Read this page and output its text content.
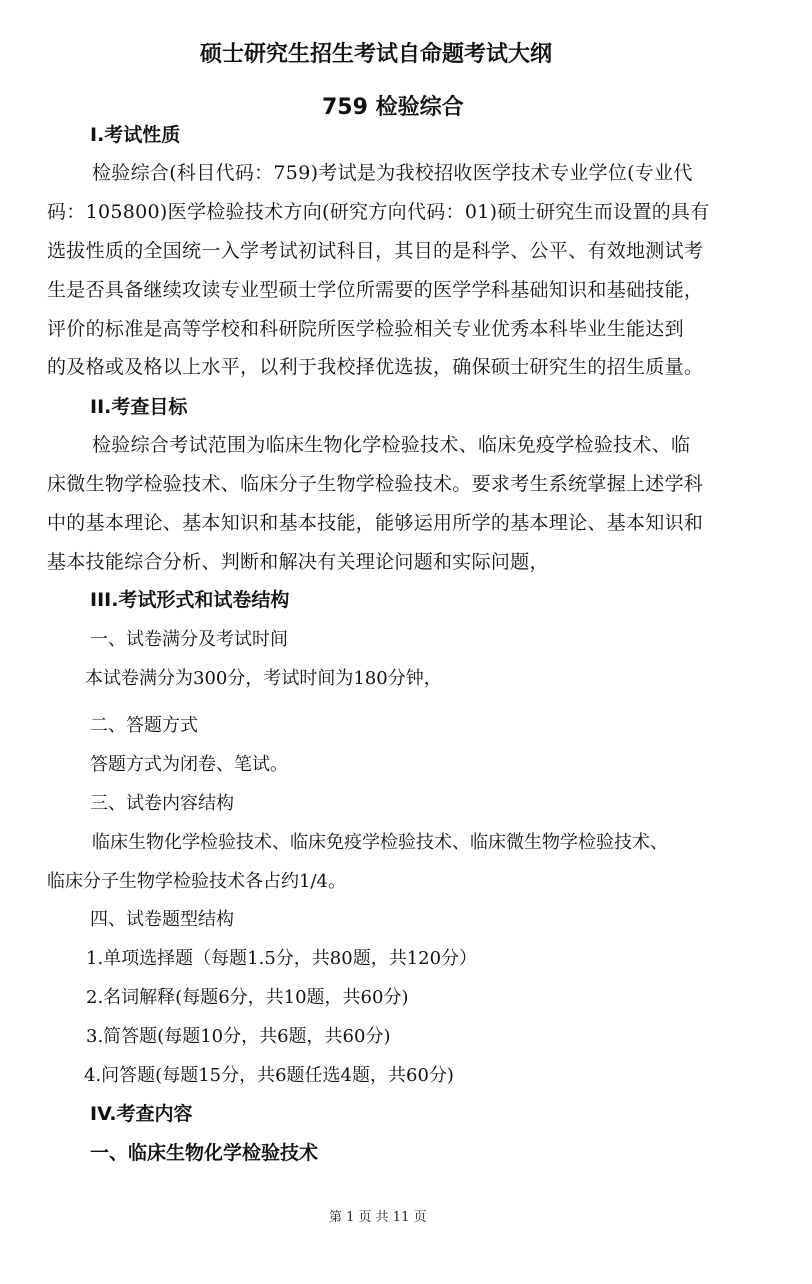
硕士研究生招生考试自命题考试大纲
759 检验综合
I.考试性质

检验综合(科目代码：759)考试是为我校招收医学技术专业学位(专业代

码：105800)医学检验技术方向(研究方向代码：01)硕士研究生而设置的具有

选拔性质的全国统一入学考试初试科目，其目的是科学、公平、有效地测试考

生是否具备继续攻读专业型硕士学位所需要的医学学科基础知识和基础技能，

评价的标准是高等学校和科研院所医学检验相关专业优秀本科毕业生能达到

的及格或及格以上水平，以利于我校择优选拔，确保硕士研究生的招生质量。

II.考查目标

检验综合考试范围为临床生物化学检验技术、临床免疫学检验技术、临

床微生物学检验技术、临床分子生物学检验技术。要求考生系统掌握上述学科

中的基本理论、基本知识和基本技能，能够运用所学的基本理论、基本知识和

基本技能综合分析、判断和解决有关理论问题和实际问题，

III.考试形式和试卷结构

一、试卷满分及考试时间

本试卷满分为300分，考试时间为180分钟，

二、答题方式

答题方式为闭卷、笔试。

三、试卷内容结构

临床生物化学检验技术、临床免疫学检验技术、临床微生物学检验技术、

临床分子生物学检验技术各占约1/4。

四、试卷题型结构

1.单项选择题（每题1.5分，共80题，共120分）

2.名词解释(每题6分，共10题，共60分)

3.简答题(每题10分，共6题，共60分)

4.问答题(每题15分，共6题任选4题，共60分)

IV.考查内容
一、临床生物化学检验技术
第 1 页 共 11 页
